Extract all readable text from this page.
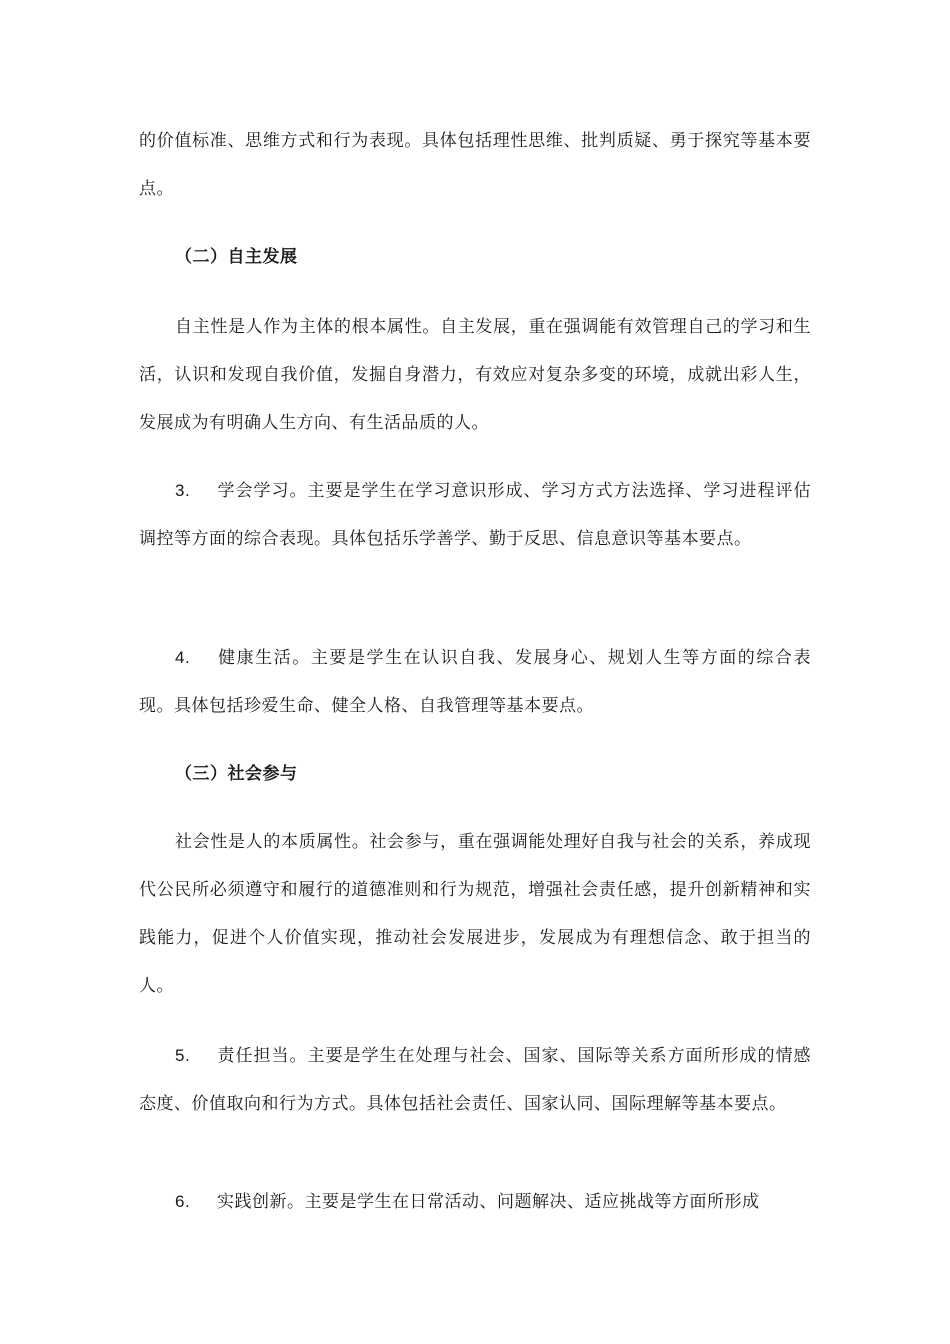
的价值标准、思维方式和行为表现。具体包括理性思维、批判质疑、勇于探究等基本要点。

（二）自主发展

自主性是人作为主体的根本属性。自主发展，重在强调能有效管理自己的学习和生活，认识和发现自我价值，发掘自身潜力，有效应对复杂多变的环境，成就出彩人生，发展成为有明确人生方向、有生活品质的人。

3. 学会学习。主要是学生在学习意识形成、学习方式方法选择、学习进程评估调控等方面的综合表现。具体包括乐学善学、勤于反思、信息意识等基本要点。

4. 健康生活。主要是学生在认识自我、发展身心、规划人生等方面的综合表现。具体包括珍爱生命、健全人格、自我管理等基本要点。

（三）社会参与

社会性是人的本质属性。社会参与，重在强调能处理好自我与社会的关系，养成现代公民所必须遵守和履行的道德准则和行为规范，增强社会责任感，提升创新精神和实践能力，促进个人价值实现，推动社会发展进步，发展成为有理想信念、敢于担当的人。

5. 责任担当。主要是学生在处理与社会、国家、国际等关系方面所形成的情感态度、价值取向和行为方式。具体包括社会责任、国家认同、国际理解等基本要点。

6. 实践创新。主要是学生在日常活动、问题解决、适应挑战等方面所形成
